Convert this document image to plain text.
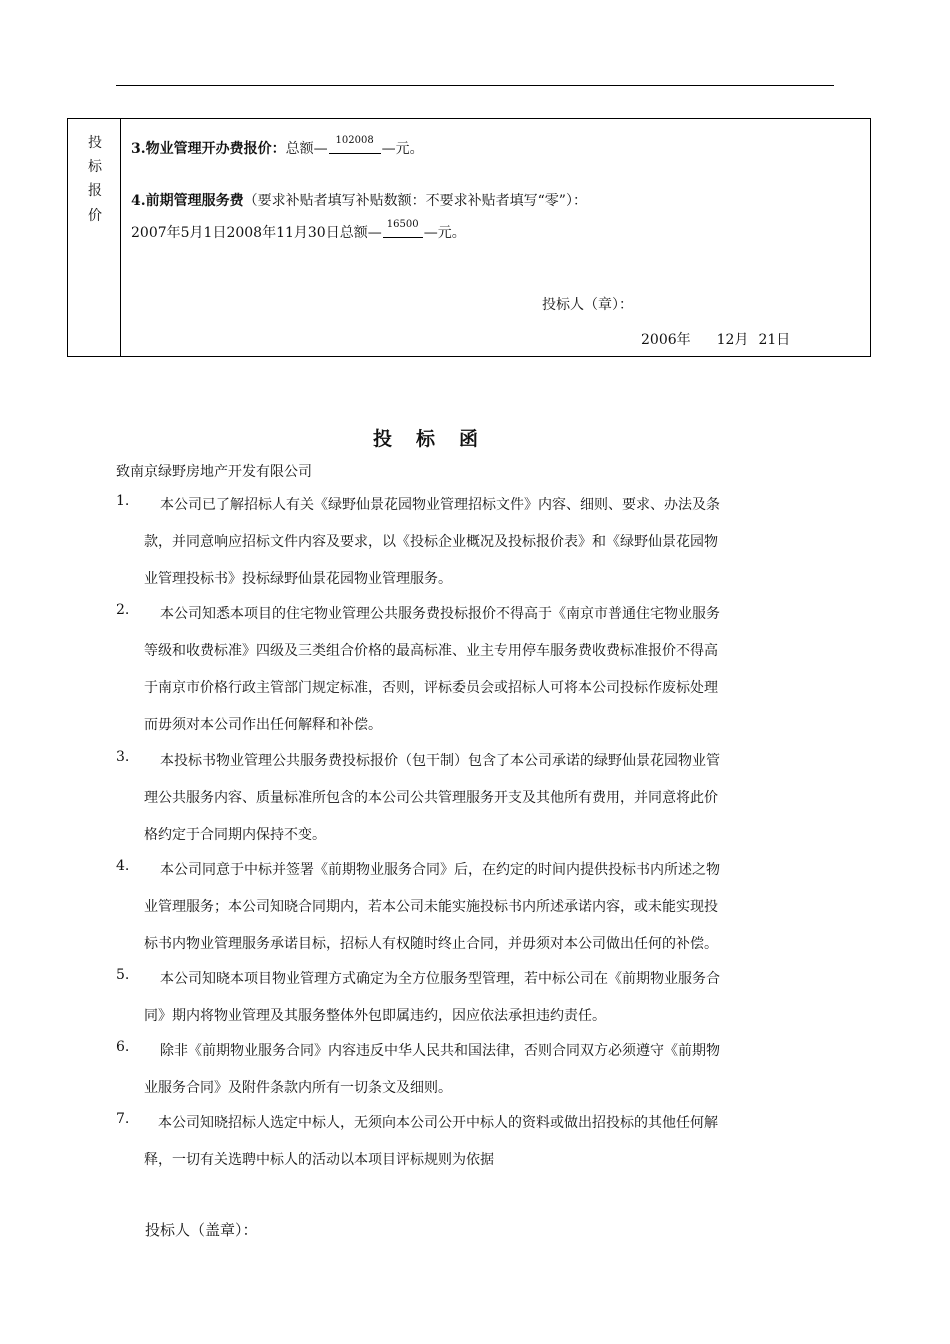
投
标
报
价
3.物业管理开办费报价：总额—
102008
—元。
4.前期管理服务费（要求补贴者填写补贴数额：不要求补贴者填写“零”）：
2007年5月1日2008年11月30日总额—
16500
—元。
投标人（章）：
2006年 12月 21日
投标函
致南京绿野房地产开发有限公司
1.	本公司已了解招标人有关《绿野仙景花园物业管理招标文件》内容、细则、要求、办法及条
款，并同意响应招标文件内容及要求，以《投标企业概况及投标报价表》和《绿野仙景花园物
业管理投标书》投标绿野仙景花园物业管理服务。
2.	本公司知悉本项目的住宅物业管理公共服务费投标报价不得高于《南京市普通住宅物业服务
等级和收费标准》四级及三类组合价格的最高标准、业主专用停车服务费收费标准报价不得高
于南京市价格行政主管部门规定标准，否则，评标委员会或招标人可将本公司投标作废标处理
而毋须对本公司作出任何解释和补偿。
3.	本投标书物业管理公共服务费投标报价（包干制）包含了本公司承诺的绿野仙景花园物业管
理公共服务内容、质量标准所包含的本公司公共管理服务开支及其他所有费用，并同意将此价
格约定于合同期内保持不变。
4.	本公司同意于中标并签署《前期物业服务合同》后，在约定的时间内提供投标书内所述之物
业管理服务；本公司知晓合同期内，若本公司未能实施投标书内所述承诺内容，或未能实现投
标书内物业管理服务承诺目标，招标人有权随时终止合同，并毋须对本公司做出任何的补偿。
5.	本公司知晓本项目物业管理方式确定为全方位服务型管理，若中标公司在《前期物业服务合
同》期内将物业管理及其服务整体外包即属违约，因应依法承担违约责任。
6.	除非《前期物业服务合同》内容违反中华人民共和国法律，否则合同双方必须遵守《前期物
业服务合同》及附件条款内所有一切条文及细则。
7.	本公司知晓招标人选定中标人，无须向本公司公开中标人的资料或做出招投标的其他任何解
释，一切有关选聘中标人的活动以本项目评标规则为依据
投标人（盖章）：
